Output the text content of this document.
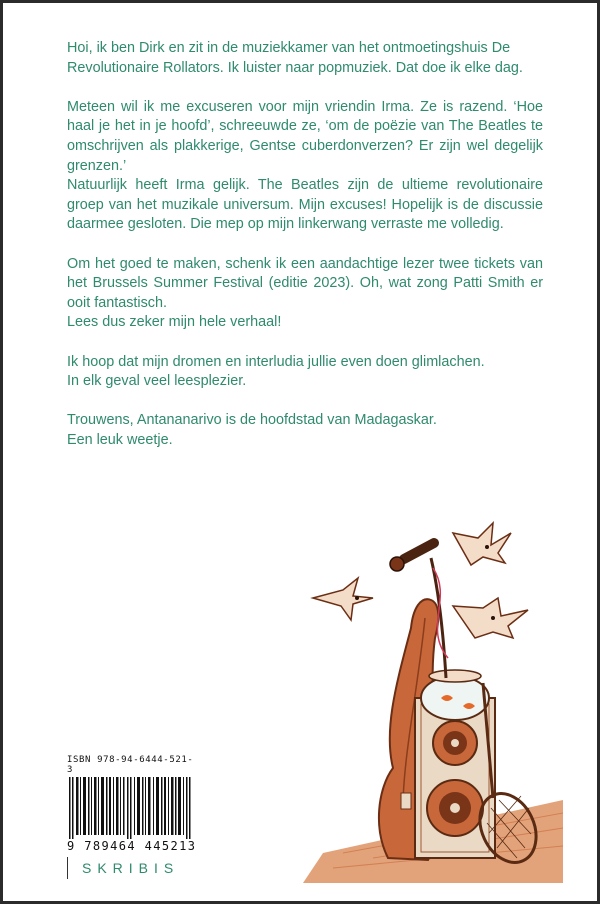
Hoi, ik ben Dirk en zit in de muziekkamer van het ontmoetingshuis De Revolutionaire Rollators. Ik luister naar popmuziek. Dat doe ik elke dag.

Meteen wil ik me excuseren voor mijn vriendin Irma. Ze is razend. ‘Hoe haal je het in je hoofd’, schreeuwde ze, ‘om de poëzie van The Beatles te omschrijven als plakkerige, Gentse cuberdonverzen? Er zijn wel degelijk grenzen.’
Natuurlijk heeft Irma gelijk. The Beatles zijn de ultieme revolutionaire groep van het muzikale universum. Mijn excuses! Hopelijk is de discussie daarmee gesloten. Die mep op mijn linkerwang verraste me volledig.

Om het goed te maken, schenk ik een aandachtige lezer twee tickets van het Brussels Summer Festival (editie 2023). Oh, wat zong Patti Smith er ooit fantastisch.
Lees dus zeker mijn hele verhaal!

Ik hoop dat mijn dromen en interludia jullie even doen glimlachen.
In elk geval veel leesplezier.

Trouwens, Antananarivo is de hoofdstad van Madagaskar.
Een leuk weetje.

ISBN 978-94-6444-521-3
9 789464 445213
SKRIBIS
